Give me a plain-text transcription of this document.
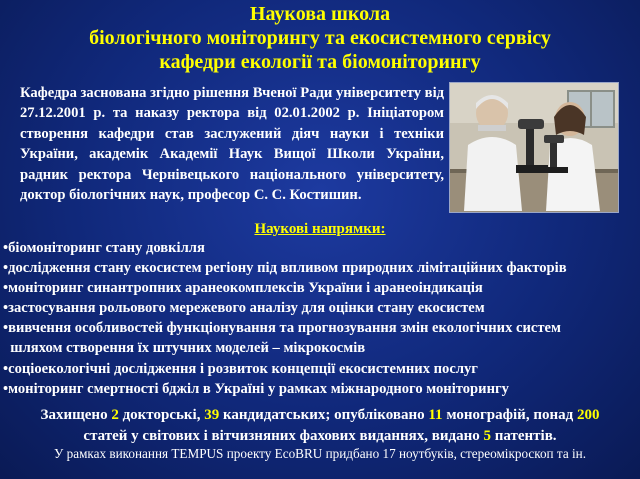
Наукова школа
біологічного моніторингу та екосистемного сервісу
кафедри екології та біомоніторингу
Кафедра заснована згідно рішення Вченої Ради університету від 27.12.2001 р. та наказу ректора від 02.01.2002 р. Ініціатором створення кафедри став заслужений діяч науки і техніки України, академік Академії Наук Вищої Школи України, радник ректора Чернівецького національного університету, доктор біологічних наук, професор С. С. Костишин.
Наукові напрямки:
•біомоніторинг стану довкілля
•дослідження стану екосистем регіону під впливом природних лімітаційних факторів
•моніторинг синантропних аранеокомплексів України і аранеоіндикація
•застосування рольового мережевого аналізу для оцінки стану екосистем
•вивчення особливостей функціонування та прогнозування змін екологічних систем
шляхом створення їх штучних моделей – мікрокосмів
•соціоекологічні дослідження і розвиток концепції екосистемних послуг
•моніторинг смертності бджіл в Україні у рамках міжнародного моніторингу
Захищено 2 докторські, 39 кандидатських; опубліковано 11 монографій, понад 200
статей у світових і вітчизняних фахових виданнях, видано 5 патентів.
У рамках виконання TEMPUS проекту EcoBRU придбано 17 ноутбуків, стереомікроскоп та ін.
